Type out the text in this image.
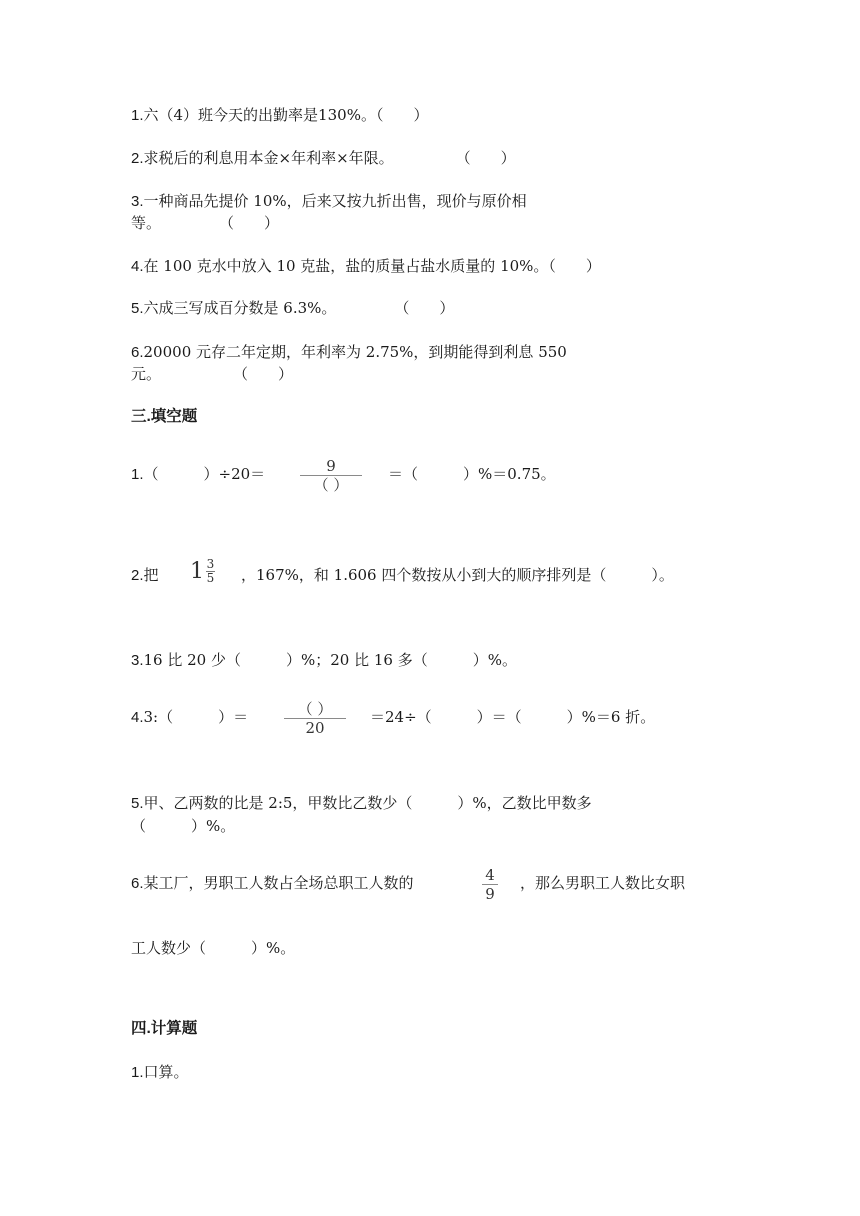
1.六（4）班今天的出勤率是130%。（　　）
2.求税后的利息用本金×年利率×年限。	（　　）
3.一种商品先提价 10%，后来又按九折出售，现价与原价相
等。	（　　）
4.在 100 克水中放入 10 克盐，盐的质量占盐水质量的 10%。（　　）
5.六成三写成百分数是 6.3%。	（　　）
6.20000 元存二年定期，年利率为 2.75%，到期能得到利息 550
元。	（　　）
三.填空题
1.（　　　）÷20＝	9
（ ）
＝（　　　）%＝0.75。
2.把 1 3
5 ，167%，和 1.606 四个数按从小到大的顺序排列是（　　　）。
3.16 比 20 少（　　　）%；20 比 16 多（　　　）%。
4.3:（　　　）＝	（ ）
20
＝24÷（　　　）＝（　　　）%＝6 折。
5.甲、乙两数的比是 2:5，甲数比乙数少（　　　）%，乙数比甲数多
（　　　）%。
6.某工厂，男职工人数占全场总职工人数的	4
9
，那么男职工人数比女职
工人数少（　　　）%。
四.计算题
1.口算。
